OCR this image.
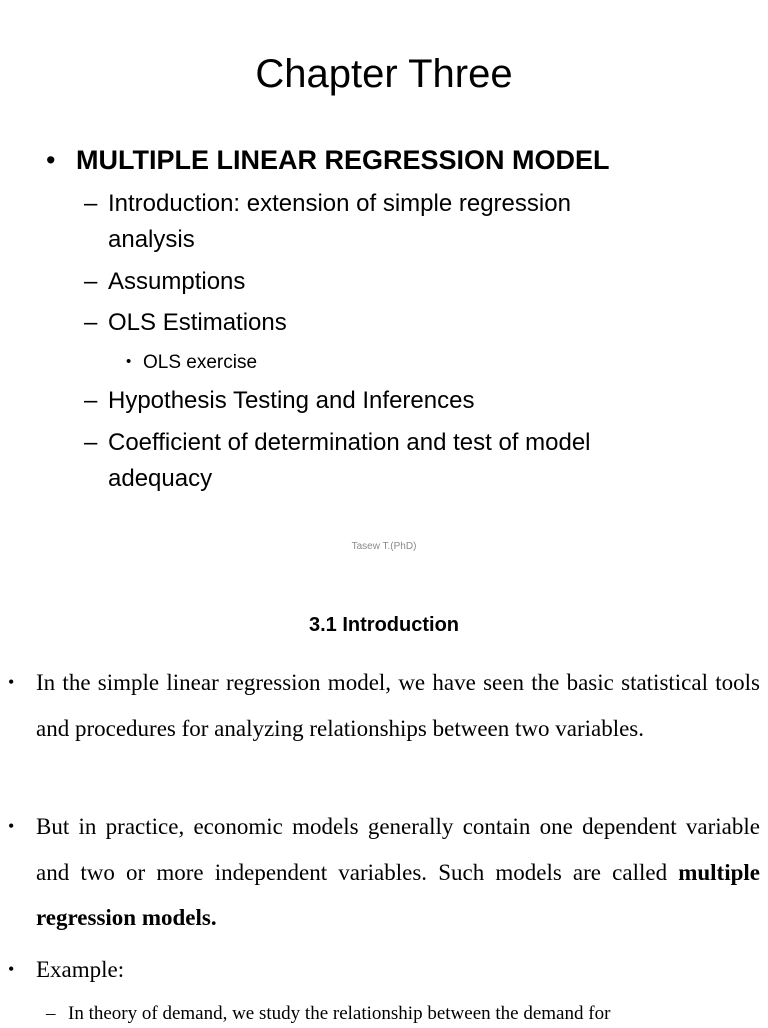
Chapter Three
• MULTIPLE LINEAR REGRESSION MODEL
– Introduction: extension of simple regression
analysis
– Assumptions
– OLS Estimations
• OLS exercise
– Hypothesis Testing and Inferences
– Coefficient of determination and test of model
adequacy
Tasew T.(PhD)
3.1 Introduction
• In the simple linear regression model, we have seen the basic statistical tools and procedures for analyzing relationships between two variables.
• But in practice, economic models generally contain one dependent variable and two or more independent variables. Such models are called multiple regression models.
• Example:
– In theory of demand, we study the relationship between the demand for
